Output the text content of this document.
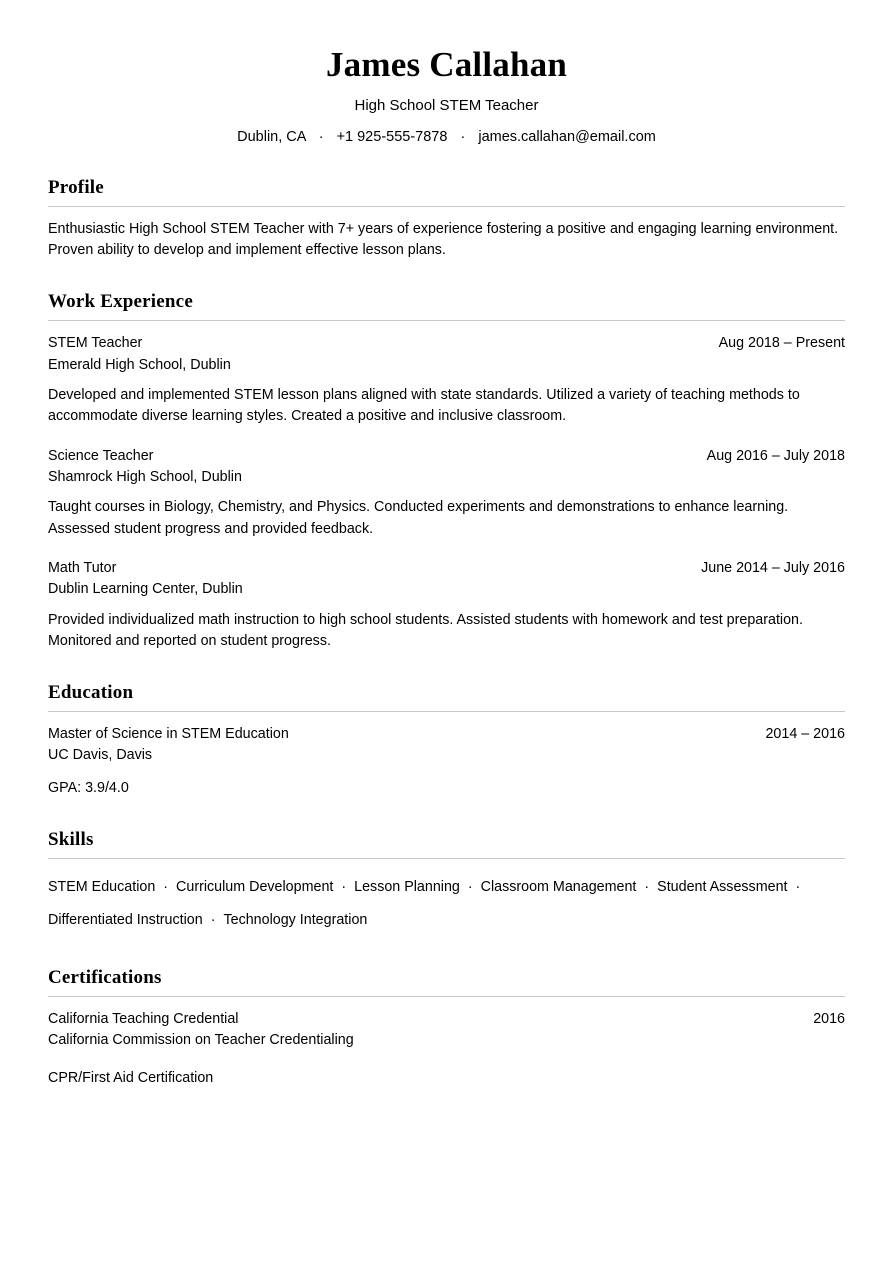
James Callahan
High School STEM Teacher
Dublin, CA · +1 925-555-7878 · james.callahan@email.com
Profile

Enthusiastic High School STEM Teacher with 7+ years of experience fostering a positive and engaging learning environment. Proven ability to develop and implement effective lesson plans.

Work Experience
STEM Teacher	Aug 2018 – Present
Emerald High School, Dublin

Developed and implemented STEM lesson plans aligned with state standards. Utilized a variety of teaching methods to accommodate diverse learning styles. Created a positive and inclusive classroom.

Science Teacher	Aug 2016 – July 2018
Shamrock High School, Dublin

Taught courses in Biology, Chemistry, and Physics. Conducted experiments and demonstrations to enhance learning. Assessed student progress and provided feedback.

Math Tutor	June 2014 – July 2016
Dublin Learning Center, Dublin

Provided individualized math instruction to high school students. Assisted students with homework and test preparation. Monitored and reported on student progress.

Education
Master of Science in STEM Education	2014 – 2016
UC Davis, Davis
GPA: 3.9/4.0
Skills
STEM Education · Curriculum Development · Lesson Planning · Classroom Management · Student Assessment ·Differentiated Instruction · Technology Integration
Certifications
California Teaching Credential	2016
California Commission on Teacher Credentialing
CPR/First Aid Certification
